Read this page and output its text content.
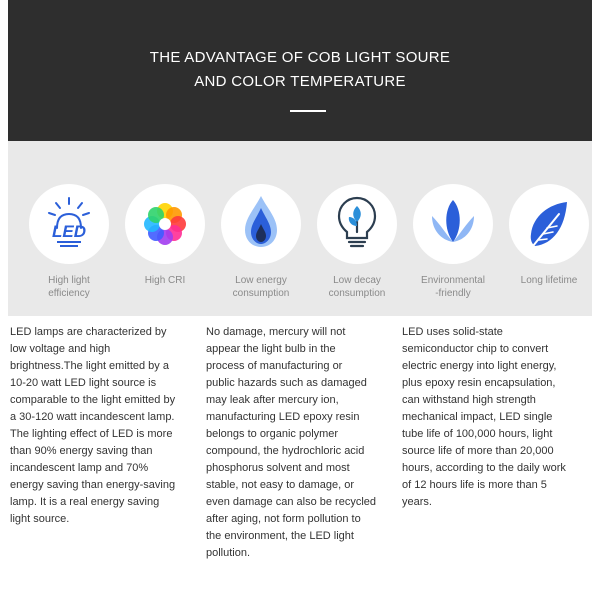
THE ADVANTAGE OF COB LIGHT SOURE
AND COLOR TEMPERATURE
LED
High light
efficiency
High CRI	Low energy
consumption
Low decay
consumption
Environmental
-friendly
Long lifetime
LED lamps are characterized by
low voltage and high
brightness.The light emitted by a
10-20 watt LED light source is
comparable to the light emitted by
a 30-120 watt incandescent lamp.
The lighting effect of LED is more
than 90% energy saving than
incandescent lamp and 70%
energy saving than energy-saving
lamp. It is a real energy saving
light source.
No damage, mercury will not
appear the light bulb in the
process of manufacturing or
public hazards such as damaged
may leak after mercury ion,
manufacturing LED epoxy resin
belongs to organic polymer
compound, the hydrochloric acid
phosphorus solvent and most
stable, not easy to damage, or
even damage can also be recycled
after aging, not form pollution to
the environment, the LED light
pollution.
LED uses solid-state
semiconductor chip to convert
electric energy into light energy,
plus epoxy resin encapsulation,
can withstand high strength
mechanical impact, LED single
tube life of 100,000 hours, light
source life of more than 20,000
hours, according to the daily work
of 12 hours life is more than 5
years.
